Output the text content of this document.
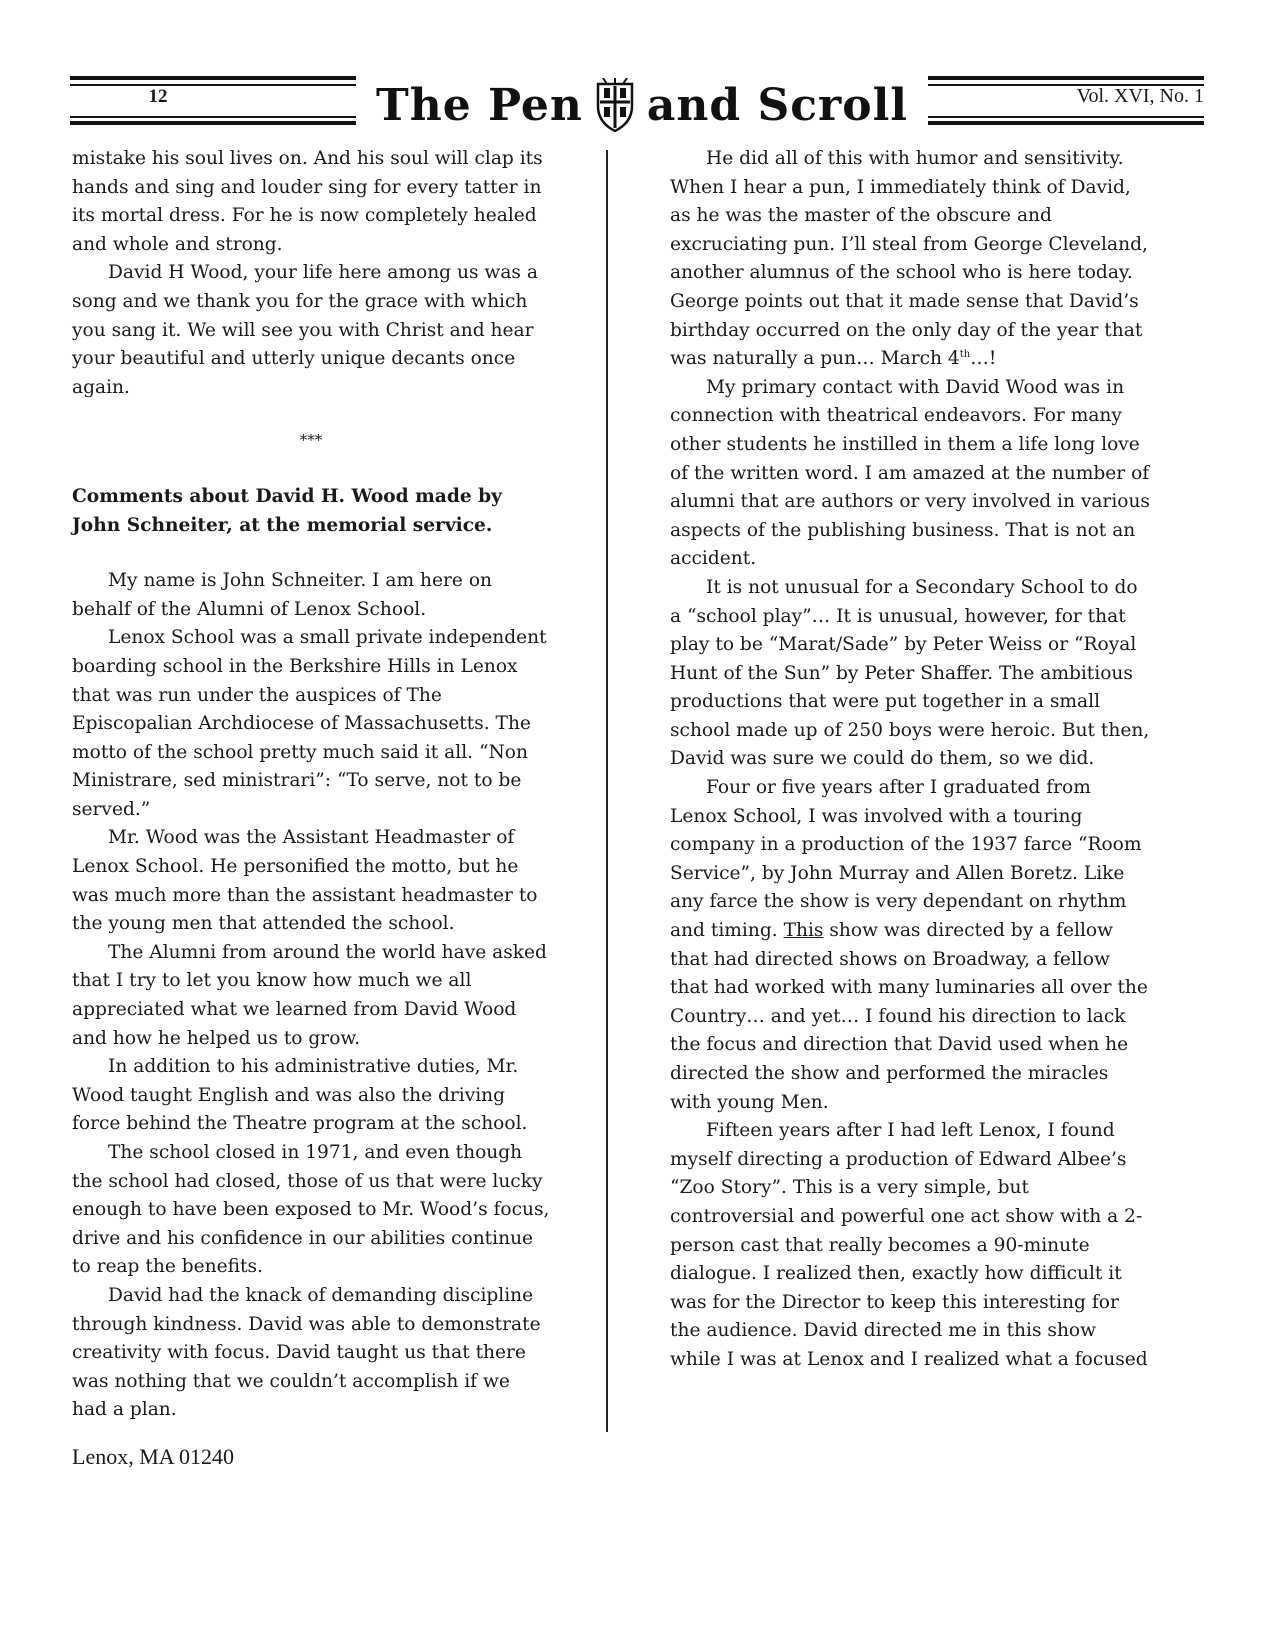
12	The Pen and Scroll	Vol. XVI, No. 1

mistake his soul lives on. And his soul will clap its hands and sing and louder sing for every tatter in its mortal dress. For he is now completely healed and whole and strong.

David H Wood, your life here among us was a song and we thank you for the grace with which you sang it. We will see you with Christ and hear your beautiful and utterly unique decants once again.

***
Comments about David H. Wood made by John Schneiter, at the memorial service.

My name is John Schneiter. I am here on behalf of the Alumni of Lenox School.

Lenox School was a small private independent boarding school in the Berkshire Hills in Lenox that was run under the auspices of The Episcopalian Archdiocese of Massachusetts. The motto of the school pretty much said it all. “Non Ministrare, sed ministrari”: “To serve, not to be served.”

Mr. Wood was the Assistant Headmaster of Lenox School. He personified the motto, but he was much more than the assistant headmaster to the young men that attended the school.

The Alumni from around the world have asked that I try to let you know how much we all appreciated what we learned from David Wood and how he helped us to grow.

In addition to his administrative duties, Mr. Wood taught English and was also the driving force behind the Theatre program at the school.

The school closed in 1971, and even though the school had closed, those of us that were lucky enough to have been exposed to Mr. Wood’s focus, drive and his confidence in our abilities continue to reap the benefits.

David had the knack of demanding discipline through kindness. David was able to demonstrate creativity with focus. David taught us that there was nothing that we couldn’t accomplish if we had a plan.

He did all of this with humor and sensitivity. When I hear a pun, I immediately think of David, as he was the master of the obscure and excruciating pun. I’ll steal from George Cleveland, another alumnus of the school who is here today. George points out that it made sense that David’s birthday occurred on the only day of the year that was naturally a pun… March 4th…!

My primary contact with David Wood was in connection with theatrical endeavors. For many other students he instilled in them a life long love of the written word. I am amazed at the number of alumni that are authors or very involved in various aspects of the publishing business. That is not an accident.

It is not unusual for a Secondary School to do a “school play”… It is unusual, however, for that play to be “Marat/Sade” by Peter Weiss or “Royal Hunt of the Sun” by Peter Shaffer. The ambitious productions that were put together in a small school made up of 250 boys were heroic. But then, David was sure we could do them, so we did.

Four or five years after I graduated from Lenox School, I was involved with a touring company in a production of the 1937 farce “Room Service”, by John Murray and Allen Boretz. Like any farce the show is very dependant on rhythm and timing. This show was directed by a fellow that had directed shows on Broadway, a fellow that had worked with many luminaries all over the Country… and yet… I found his direction to lack the focus and direction that David used when he directed the show and performed the miracles with young Men.

Fifteen years after I had left Lenox, I found myself directing a production of Edward Albee’s “Zoo Story”. This is a very simple, but controversial and powerful one act show with a 2-person cast that really becomes a 90-minute dialogue. I realized then, exactly how difficult it was for the Director to keep this interesting for the audience. David directed me in this show while I was at Lenox and I realized what a focused

Lenox, MA 01240
